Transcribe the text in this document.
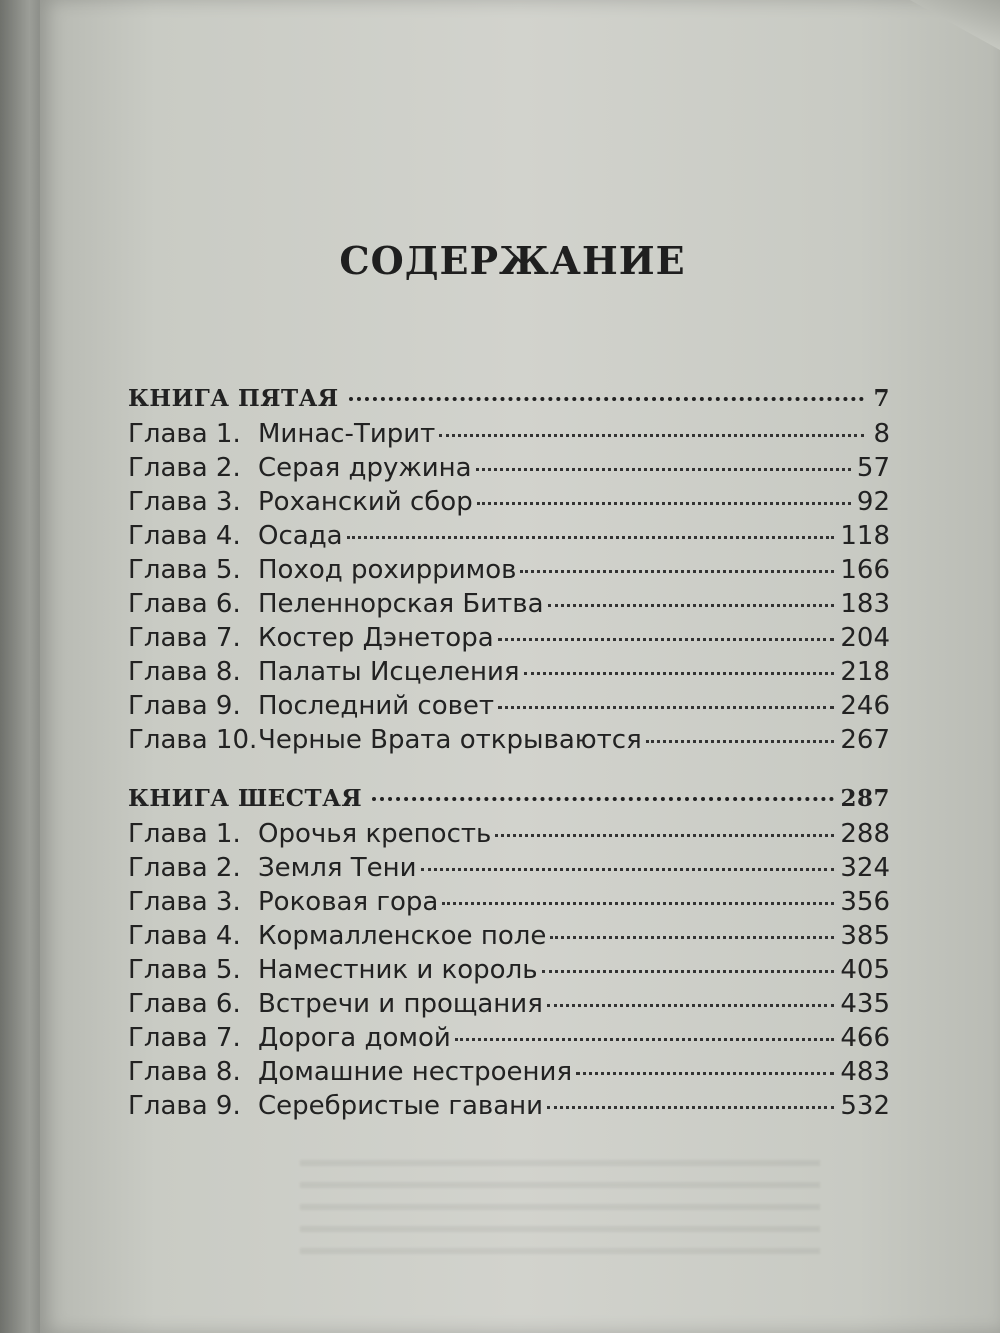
СОДЕРЖАНИЕ
КНИГА ПЯТАЯ	7
Глава 1. Минас-Тирит	8
Глава 2. Серая дружина	57
Глава 3. Роханский сбор	92
Глава 4. Осада	118
Глава 5. Поход рохирримов	166
Глава 6. Пеленнорская Битва	183
Глава 7. Костер Дэнетора	204
Глава 8. Палаты Исцеления	218
Глава 9. Последний совет	246
Глава 10. Черные Врата открываются	267
КНИГА ШЕСТАЯ	287
Глава 1. Орочья крепость	288
Глава 2. Земля Тени	324
Глава 3. Роковая гора	356
Глава 4. Кормалленское поле	385
Глава 5. Наместник и король	405
Глава 6. Встречи и прощания	435
Глава 7. Дорога домой	466
Глава 8. Домашние нестроения	483
Глава 9. Серебристые гавани	532
